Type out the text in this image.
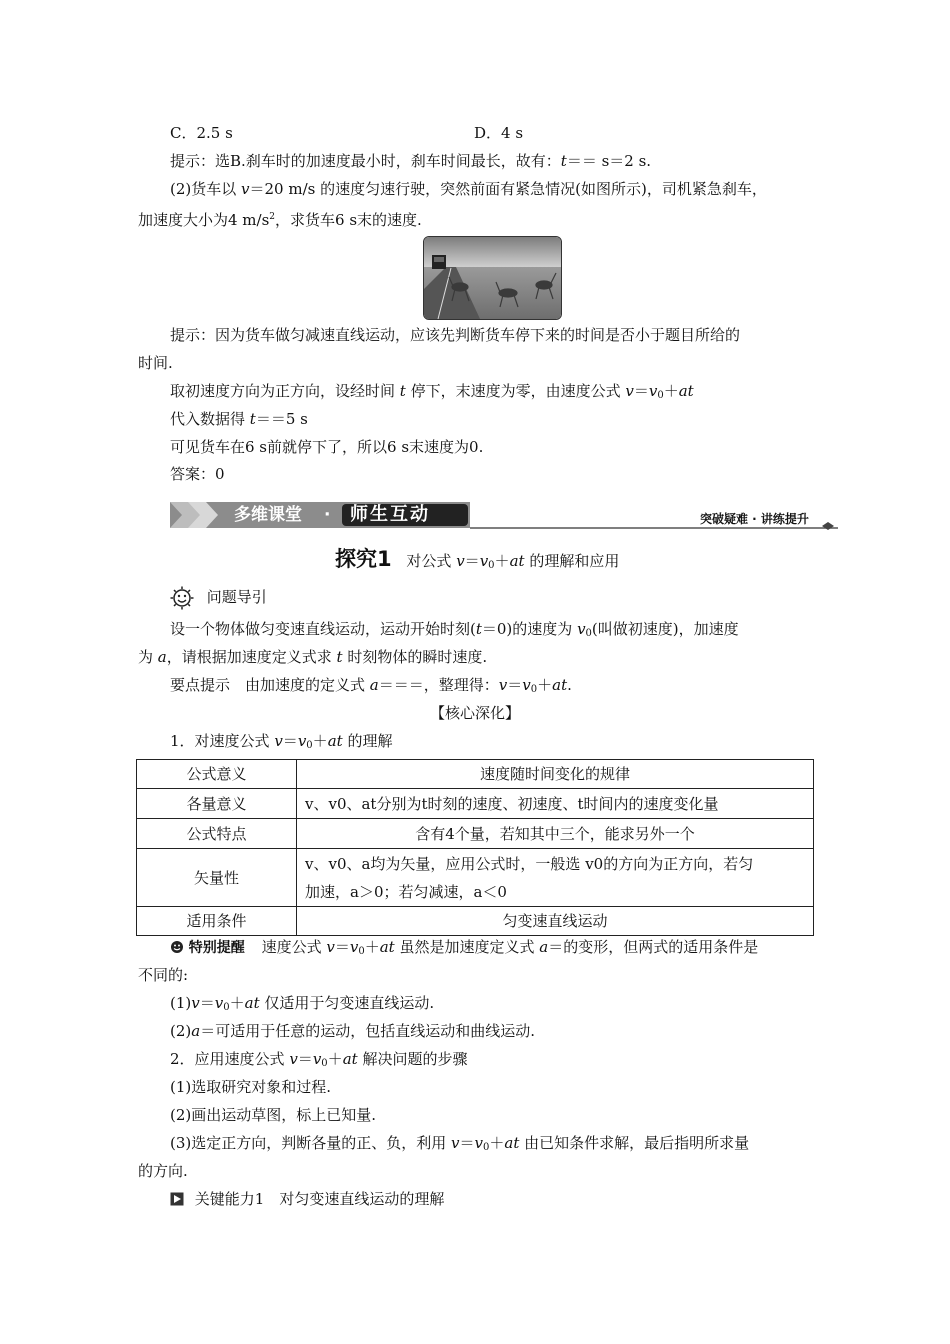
C．2.5 s	D．4 s
提示：选B.刹车时的加速度最小时，刹车时间最长，故有：t＝＝ s＝2 s.
(2)货车以 v＝20 m/s 的速度匀速行驶，突然前面有紧急情况(如图所示)，司机紧急刹车，
加速度大小为4 $m/s^2$，求货车6 s末的速度.
提示：因为货车做匀减速直线运动，应该先判断货车停下来的时间是否小于题目所给的
时间.
取初速度方向为正方向，设经时间 t 停下，末速度为零，由速度公式 $v=v_0+at$
代入数据得 t＝＝5 s
可见货车在6 s前就停下了，所以6 s末速度为0.
答案：0
多维课堂 · 师生互动	突破疑难 · 讲练提升
探究1 对公式 $v=v_0+at$ 的理解和应用
问题导引
设一个物体做匀变速直线运动，运动开始时刻(t＝0)的速度为 $v_0$(叫做初速度)，加速度
为 a，请根据加速度定义式求 t 时刻物体的瞬时速度.
要点提示　由加速度的定义式 a＝＝＝，整理得：$v=v_0+at$.
【核心深化】
1．对速度公式 $v=v_0+at$ 的理解
公式意义	速度随时间变化的规律
各量意义	v、v0、at分别为t时刻的速度、初速度、t时间内的速度变化量
公式特点	含有4个量，若知其中三个，能求另外一个
矢量性	v、v0、a均为矢量，应用公式时，一般选 v0的方向为正方向，若匀
加速，a＞0；若匀减速，a＜0

适用条件	匀变速直线运动
特别提醒 速度公式 $v=v_0+at$ 虽然是加速度定义式 a＝的变形，但两式的适用条件是
不同的:
$(1)v=v_0+at$ 仅适用于匀变速直线运动.
(2)a＝可适用于任意的运动，包括直线运动和曲线运动.
2．应用速度公式 $v=v_0+at$ 解决问题的步骤
(1)选取研究对象和过程.
(2)画出运动草图，标上已知量.
(3)选定正方向，判断各量的正、负，利用 $v=v_0+at$ 由已知条件求解，最后指明所求量
的方向.
关键能力1　对匀变速直线运动的理解
